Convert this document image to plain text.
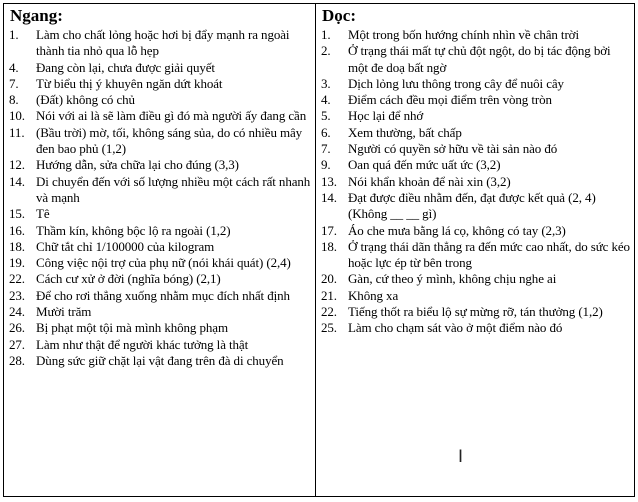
Ngang:
1. Làm cho chất lỏng hoặc hơi bị đẩy mạnh ra ngoài thành tia nhỏ qua lỗ hẹp
4. Đang còn lại, chưa được giải quyết
7. Từ biểu thị ý khuyên ngăn dứt khoát
8. (Đất) không có chủ
10. Nói với ai là sẽ làm điều gì đó mà người ấy đang cần
11. (Bầu trời) mờ, tối, không sáng sủa, do có nhiều mây đen bao phủ (1,2)
12. Hướng dẫn, sửa chữa lại cho đúng (3,3)
14. Di chuyển đến với số lượng nhiều một cách rất nhanh và mạnh
15. Tê
16. Thầm kín, không bộc lộ ra ngoài (1,2)
18. Chữ tắt chỉ 1/100000 của kilogram
19. Công việc nội trợ của phụ nữ (nói khái quát) (2,4)
22. Cách cư xử ở đời (nghĩa bóng) (2,1)
23. Để cho rơi thẳng xuống nhằm mục đích nhất định
24. Mười trăm
26. Bị phạt một tội mà mình không phạm
27. Làm như thật để người khác tưởng là thật
28. Dùng sức giữ chặt lại vật đang trên đà di chuyển

Dọc:
1. Một trong bốn hướng chính nhìn về chân trời
2. Ở trạng thái mất tự chủ đột ngột, do bị tác động bởi một đe doạ bất ngờ
3. Dịch lỏng lưu thông trong cây để nuôi cây
4. Điểm cách đều mọi điểm trên vòng tròn
5. Học lại để nhớ
6. Xem thường, bất chấp
7. Người có quyền sở hữu về tài sản nào đó
9. Oan quá đến mức uất ức (3,2)
13. Nói khẩn khoản để nài xin (3,2)
14. Đạt được điều nhằm đến, đạt được kết quả (2, 4) (Không __ __ gì)
17. Áo che mưa bằng lá cọ, không có tay (2,3)
18. Ở trạng thái dãn thẳng ra đến mức cao nhất, do sức kéo hoặc lực ép từ bên trong
20. Gàn, cứ theo ý mình, không chịu nghe ai
21. Không xa
22. Tiếng thốt ra biểu lộ sự mừng rỡ, tán thưởng (1,2)
25. Làm cho chạm sát vào ở một điểm nào đó
I
